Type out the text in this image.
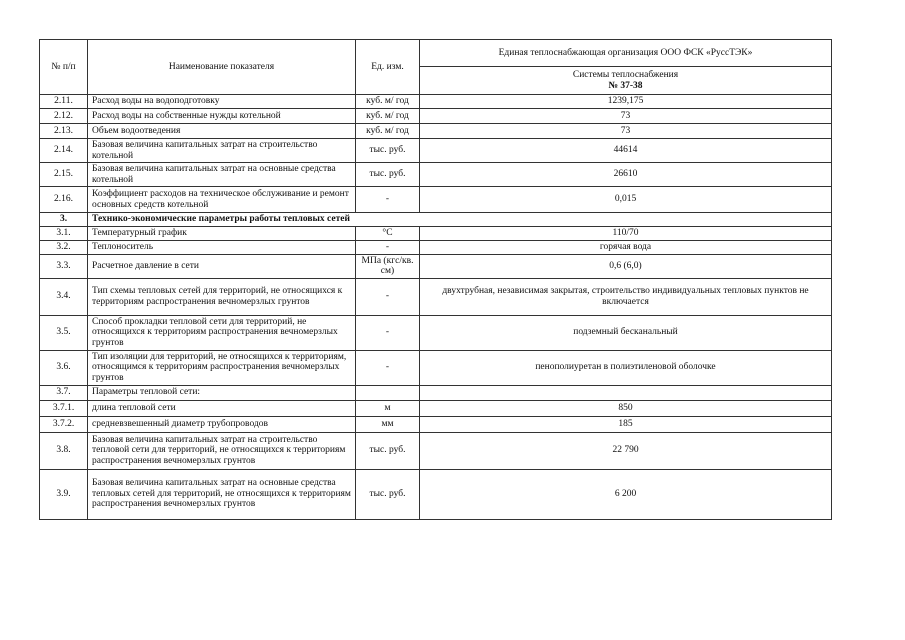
№ п/п	Наименование показателя	Ед. изм.	Единая теплоснабжающая организация ООО ФСК «РуссТЭК»

			Системы теплоснабжения
№ 37-38

2.11.	Расход воды на водоподготовку	куб. м/ год	1239,175
2.12.	Расход воды на собственные нужды котельной	куб. м/ год	73
2.13.	Объем водоотведения	куб. м/ год	73
2.14.	Базовая величина капитальных затрат на строительство котельной	тыс. руб.	44614
2.15.	Базовая величина капитальных затрат на основные средства котельной	тыс. руб.	26610
2.16.	Коэффициент расходов на техническое обслуживание и ремонт основных средств котельной	-	0,015
3.	Технико-экономические параметры работы тепловых сетей		
3.1.	Температурный график	°С	110/70
3.2.	Теплоноситель	-	горячая вода
3.3.	Расчетное давление в сети	МПа (кгс/кв. см)	0,6 (6,0)
3.4.	Тип схемы тепловых сетей для территорий, не относящихся к территориям распространения вечномерзлых грунтов	-	двухтрубная, независимая закрытая, строительство индивидуальных тепловых пунктов не включается
3.5.	Способ прокладки тепловой сети для территорий, не относящихся к территориям распространения вечномерзлых грунтов	-	подземный бесканальный
3.6.	Тип изоляции для территорий, не относящихся к территориям, относящимся к территориям распространения вечномерзлых грунтов	-	пенополиуретан в полиэтиленовой оболочке
3.7.	Параметры тепловой сети:		
3.7.1.	длина тепловой сети	м	850
3.7.2.	средневзвешенный диаметр трубопроводов	мм	185
3.8.	Базовая величина капитальных затрат на строительство тепловой сети для территорий, не относящихся к территориям распространения вечномерзлых грунтов	тыс. руб.	22 790
3.9.	Базовая величина капитальных затрат на основные средства тепловых сетей для территорий, не относящихся к территориям распространения вечномерзлых грунтов	тыс. руб.	6 200
